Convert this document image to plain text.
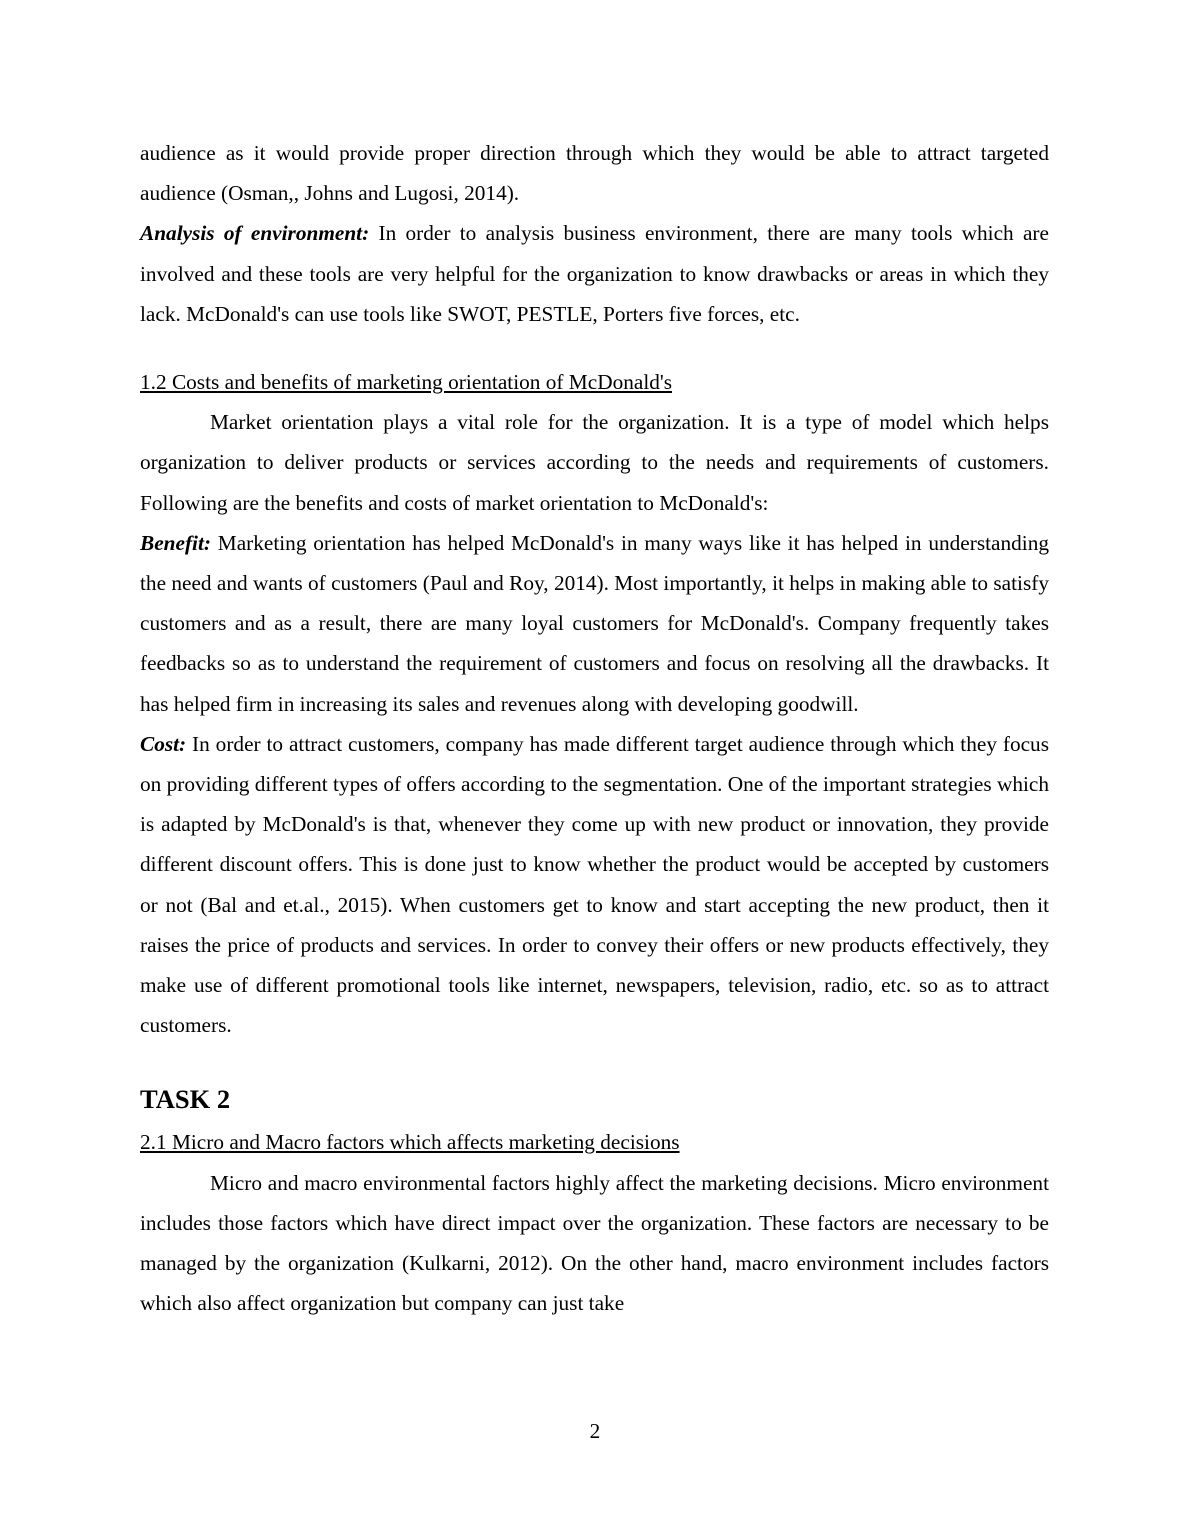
audience as it would provide proper direction through which they would be able to attract targeted audience (Osman,, Johns and Lugosi, 2014).

Analysis of environment: In order to analysis business environment, there are many tools which are involved and these tools are very helpful for the organization to know drawbacks or areas in which they lack. McDonald's can use tools like SWOT, PESTLE, Porters five forces, etc.

1.2 Costs and benefits of marketing orientation of McDonald's

Market orientation plays a vital role for the organization. It is a type of model which helps organization to deliver products or services according to the needs and requirements of customers. Following are the benefits and costs of market orientation to McDonald's:

Benefit: Marketing orientation has helped McDonald's in many ways like it has helped in understanding the need and wants of customers (Paul and Roy, 2014). Most importantly, it helps in making able to satisfy customers and as a result, there are many loyal customers for McDonald's. Company frequently takes feedbacks so as to understand the requirement of customers and focus on resolving all the drawbacks. It has helped firm in increasing its sales and revenues along with developing goodwill.

Cost: In order to attract customers, company has made different target audience through which they focus on providing different types of offers according to the segmentation. One of the important strategies which is adapted by McDonald's is that, whenever they come up with new product or innovation, they provide different discount offers. This is done just to know whether the product would be accepted by customers or not (Bal and et.al., 2015). When customers get to know and start accepting the new product, then it raises the price of products and services. In order to convey their offers or new products effectively, they make use of different promotional tools like internet, newspapers, television, radio, etc. so as to attract customers.

TASK 2

2.1 Micro and Macro factors which affects marketing decisions

Micro and macro environmental factors highly affect the marketing decisions. Micro environment includes those factors which have direct impact over the organization. These factors are necessary to be managed by the organization (Kulkarni, 2012). On the other hand, macro environment includes factors which also affect organization but company can just take

2
